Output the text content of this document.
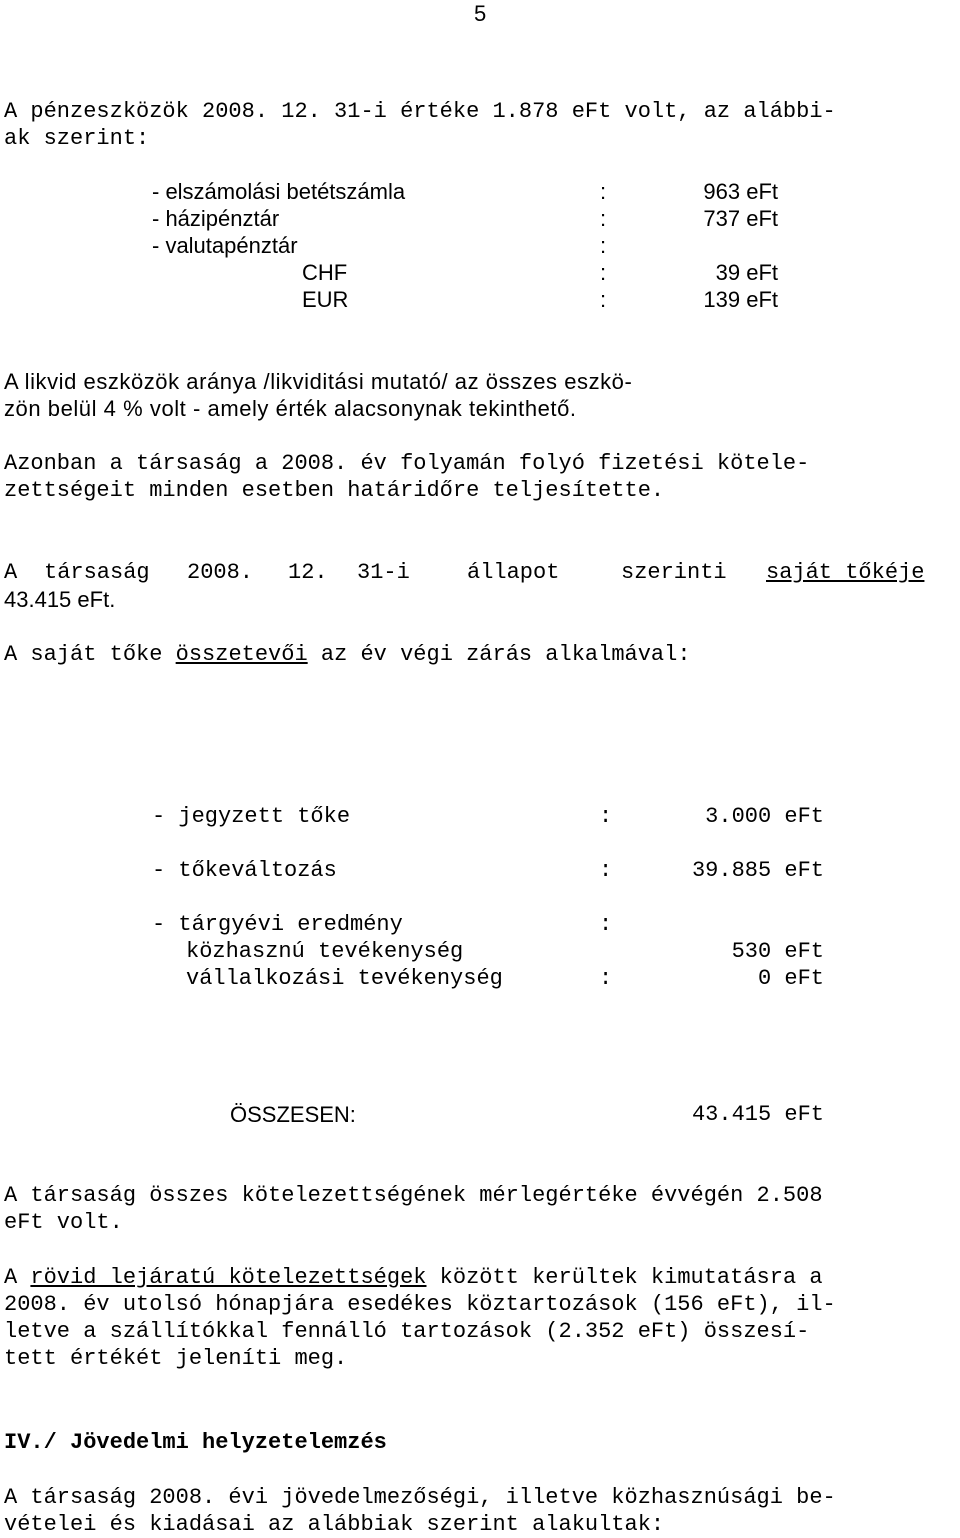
5
A pénzeszközök 2008. 12. 31-i értéke 1.878 eFt volt, az alábbi-
ak szerint:
- elszámolási betétszámla	:	963 eFt
- házipénztár	:	737 eFt
- valutapénztár	:
CHF	:	39 eFt
EUR	:	139 eFt
A likvid eszközök aránya /likviditási mutató/ az összes eszkö-
zön belül 4 % volt - amely érték alacsonynak tekinthető.
Azonban a társaság a 2008. év folyamán folyó fizetési kötele-
zettségeit minden esetben határidőre teljesítette.
A társaság 2008. 12. 31-i	állapot	szerinti saját tőkéje
43.415 eFt.
A saját tőke összetevői az év végi zárás alkalmával:
- jegyzett tőke	:	3.000 eFt
- tőkeváltozás	:	39.885 eFt
- tárgyévi eredmény	:
közhasznú tevékenység	530 eFt
vállalkozási tevékenység	:	0 eFt
ÖSSZESEN:	43.415 eFt
A társaság összes kötelezettségének mérlegértéke évvégén 2.508
eFt volt.
A rövid lejáratú kötelezettségek között kerültek kimutatásra a
2008. év utolsó hónapjára esedékes köztartozások (156 eFt), il-
letve a szállítókkal fennálló tartozások (2.352 eFt) összesí-
tett értékét jeleníti meg.
IV./ Jövedelmi helyzetelemzés
A társaság 2008. évi jövedelmezőségi, illetve közhasznúsági be-
vételei és kiadásai az alábbiak szerint alakultak:
